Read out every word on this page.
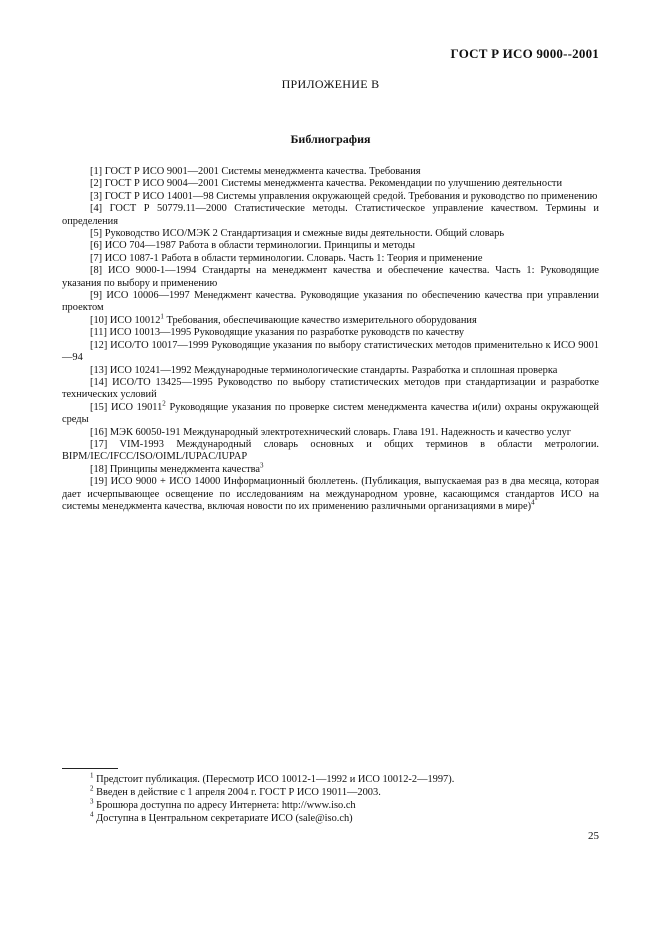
ГОСТ Р ИСО 9000--2001
ПРИЛОЖЕНИЕ В
Библиография

[1] ГОСТ Р ИСО 9001—2001 Системы менеджмента качества. Требования

[2] ГОСТ Р ИСО 9004—2001 Системы менеджмента качества. Рекомендации по улучшению деятельности

[3] ГОСТ Р ИСО 14001—98 Системы управления окружающей средой. Требования и руководство по применению

[4] ГОСТ Р 50779.11—2000 Статистические методы. Статистическое управление качеством. Термины и определения

[5] Руководство ИСО/МЭК 2 Стандартизация и смежные виды деятельности. Общий словарь

[6] ИСО 704—1987 Работа в области терминологии. Принципы и методы

[7] ИСО 1087-1 Работа в области терминологии. Словарь. Часть 1: Теория и применение

[8] ИСО 9000-1—1994 Стандарты на менеджмент качества и обеспечение качества. Часть 1: Руководящие указания по выбору и применению

[9] ИСО 10006—1997 Менеджмент качества. Руководящие указания по обеспечению качества при управлении проектом

[10] ИСО 10012$^1$ Требования, обеспечивающие качество измерительного оборудования

[11] ИСО 10013—1995 Руководящие указания по разработке руководств по качеству

[12] ИСО/ТО 10017—1999 Руководящие указания по выбору статистических методов применительно к ИСО 9001—94

[13] ИСО 10241—1992 Международные терминологические стандарты. Разработка и сплошная проверка

[14] ИСО/ТО 13425—1995 Руководство по выбору статистических методов при стандартизации и разработке технических условий

[15] ИСО 19011$^2$ Руководящие указания по проверке систем менеджмента качества и(или) охраны окружающей среды

[16] МЭК 60050-191 Международный электротехнический словарь. Глава 191. Надежность и качество услуг

[17] VIM-1993 Международный словарь основных и общих терминов в области метрологии. BIPM/IEC/IFCC/ISO/OIML/IUPAC/IUPAP

[18] Принципы менеджмента качества$^3$

[19] ИСО 9000 + ИСО 14000 Информационный бюллетень. (Публикация, выпускаемая раз в два месяца, которая дает исчерпывающее освещение по исследованиям на международном уровне, касающимся стандартов ИСО на системы менеджмента качества, включая новости по их применению различными организациями в мире)$^4$

$^1$ Предстоит публикация. (Пересмотр ИСО 10012-1—1992 и ИСО 10012-2—1997).

$^2$ Введен в действие с 1 апреля 2004 г. ГОСТ Р ИСО 19011—2003.

$^3$ Брошюра доступна по адресу Интернета: http://www.iso.ch

$^4$ Доступна в Центральном секретариате ИСО (sale@iso.ch)

25
